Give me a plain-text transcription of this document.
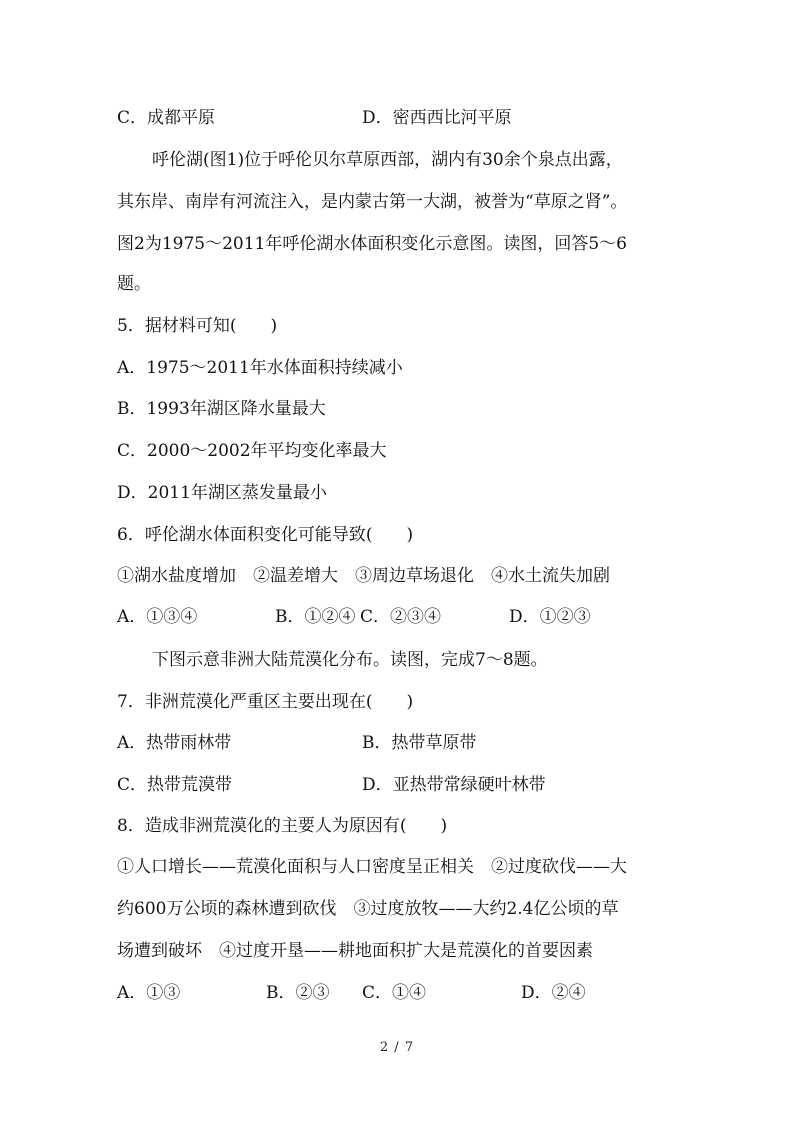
C．成都平原	D．密西西比河平原
呼伦湖(图1)位于呼伦贝尔草原西部，湖内有30余个泉点出露，
其东岸、南岸有河流注入，是内蒙古第一大湖，被誉为“草原之肾”。
图2为1975～2011年呼伦湖水体面积变化示意图。读图，回答5～6
题。
5．据材料可知(　　)
A．1975～2011年水体面积持续减小
B．1993年湖区降水量最大
C．2000～2002年平均变化率最大
D．2011年湖区蒸发量最小
6．呼伦湖水体面积变化可能导致(　　)
①湖水盐度增加　②温差增大　③周边草场退化　④水土流失加剧
A．①③④	B．①②④ C．②③④	D．①②③
下图示意非洲大陆荒漠化分布。读图，完成7～8题。
7．非洲荒漠化严重区主要出现在(　　)
A．热带雨林带	B．热带草原带
C．热带荒漠带	D．亚热带常绿硬叶林带
8．造成非洲荒漠化的主要人为原因有(　　)
①人口增长——荒漠化面积与人口密度呈正相关　②过度砍伐——大
约600万公顷的森林遭到砍伐　③过度放牧——大约2.4亿公顷的草
场遭到破坏　④过度开垦——耕地面积扩大是荒漠化的首要因素
A．①③	B．②③ C．①④	D．②④
2 / 7
